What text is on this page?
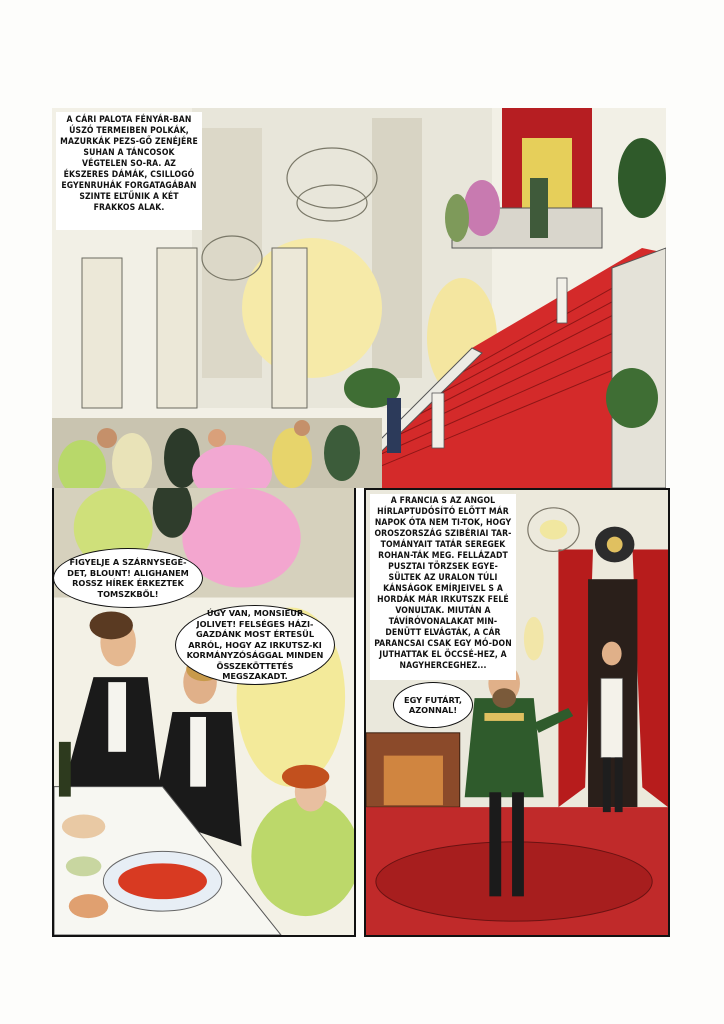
A CÁRI PALOTA FÉNYÁR-BAN ÚSZÓ TERMEIBEN POLKÁK, MAZURKÁK PEZS-GŐ ZENÉJÉRE SUHAN A TÁNCOSOK VÉGTELEN SO-RA. AZ ÉKSZERES DÁMÁK, CSILLOGÓ EGYENRUHÁK FORGATAGÁBAN SZINTE ELTŰNIK A KÉT FRAKKOS ALAK.
FIGYELJE A SZÁRNYSEGÉ-DET, BLOUNT! ALIGHANEM ROSSZ HÍREK ÉRKEZTEK TOMSZKBŐL!
ÚGY VAN, MONSIEUR JOLIVET! FELSÉGES HÁZI-GAZDÁNK MOST ÉRTESÜL ARRÓL, HOGY AZ IRKUTSZ-KI KORMÁNYZÓSÁGGAL MINDEN ÖSSZEKÖTTETÉS MEGSZAKADT.
A FRANCIA S AZ ANGOL HÍRLAPTUDÓSÍTÓ ELŐTT MÁR NAPOK ÓTA NEM TI-TOK, HOGY OROSZORSZÁG SZIBÉRIAI TAR-TOMÁNYAIT TATÁR SEREGEK ROHAN-TÁK MEG. FELLÁZADT PUSZTAI TÖRZSEK EGYE-SÜLTEK AZ URALON TÚLI KÁNSÁGOK EMÍRJEIVEL S A HORDÁK MÁR IRKUTSZK FELÉ VONULTAK. MIUTÁN A TÁVÍRÓVONALAKAT MIN-DENÜTT ELVÁGTÁK, A CÁR PARANCSAI CSAK EGY MÓ-DON JUTHATTAK EL ÖCCSÉ-HEZ, A NAGYHERCEGHEZ...
EGY FUTÁRT, AZONNAL!
